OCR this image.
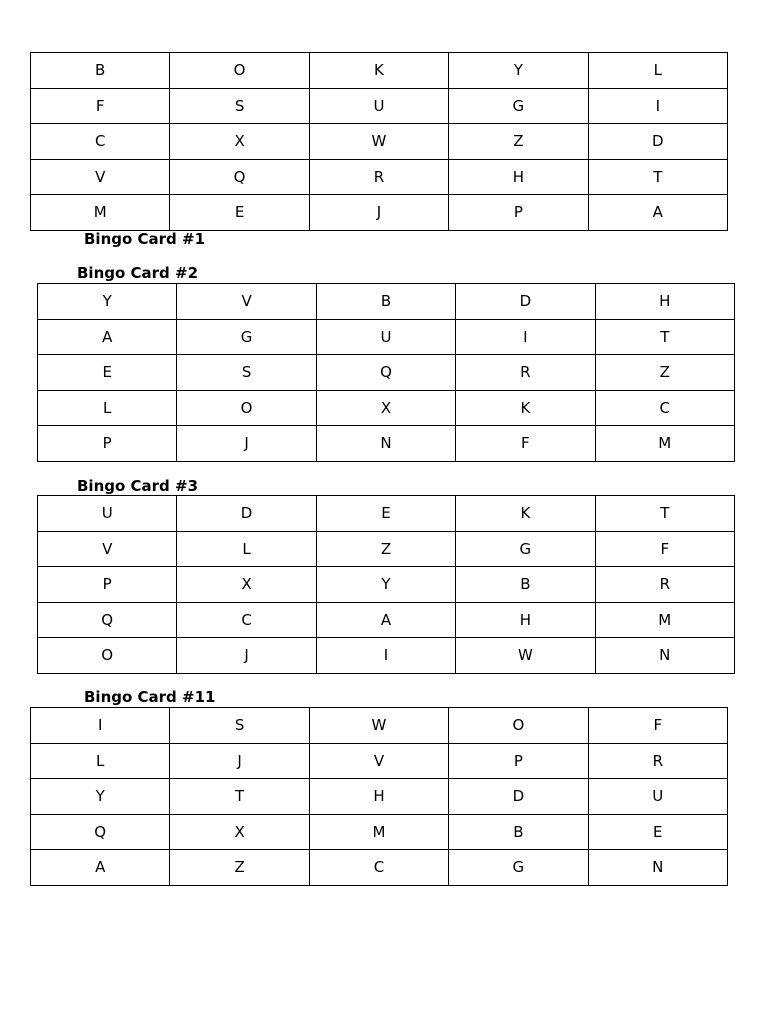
B	O	K	Y	L
F	S	U	G	I
C	X	W	Z	D
V	Q	R	H	T
M	E	J	P	A
Bingo Card #1
Bingo Card #2
Y	V	B	D	H
A	G	U	I	T
E	S	Q	R	Z
L	O	X	K	C
P	J	N	F	M
Bingo Card #3
U	D	E	K	T
V	L	Z	G	F
P	X	Y	B	R
Q	C	A	H	M
O	J	I	W	N
Bingo Card #11
I	S	W	O	F
L	J	V	P	R
Y	T	H	D	U
Q	X	M	B	E
A	Z	C	G	N
